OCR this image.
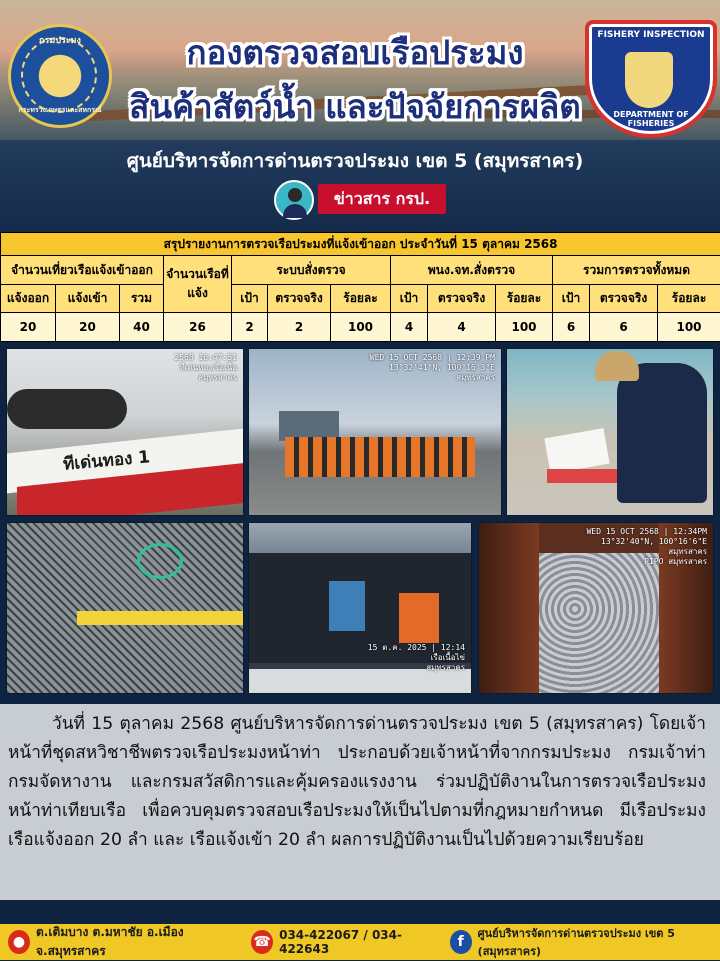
กรมประมง
กระทรวงเกษตรและสหกรณ์
กองตรวจสอบเรือประมง
สินค้าสัตว์น้ำ และปัจจัยการผลิต
FISHERY INSPECTION
DEPARTMENT OF FISHERIES
ศูนย์บริหารจัดการด่านตรวจประมง เขต 5 (สมุทรสาคร)
ข่าวสาร กรป.
สรุปรายงานการตรวจเรือประมงที่แจ้งเข้าออก ประจำวันที่ 15 ตุลาคม 2568												
จำนวนเที่ยวเรือแจ้งเข้าออก			จำนวนเรือที่แจ้ง	ระบบสั่งตรวจ			พนง.จท.สั่งตรวจ			รวมการตรวจทั้งหมด		
แจ้งออก	แจ้งเข้า	รวม		เป้า	ตรวจจริง	ร้อยละ	เป้า	ตรวจจริง	ร้อยละ	เป้า	ตรวจจริง	ร้อยละ
20	20	40	26	2	2	100	4	4	100	6	6	100
ทีเด่นทอง 1
2568 16:47:51
ทีเด่นทองเรือเนื้อ
สมุทรสาคร
WED 15 OCT 2568 | 12:39 PM
13°32'41"N, 100°16'3"E
สมุทรสาคร
15 ต.ค. 2025 | 12:14
เรือเนื้อไข่
สมุทรสาคร
WED 15 OCT 2568 | 12:34PM
13°32'40"N, 100°16'6"E
สมุทรสาคร
PIPO สมุทรสาคร

วันที่ 15 ตุลาคม 2568 ศูนย์บริหารจัดการด่านตรวจประมง เขต 5 (สมุทรสาคร) โดยเจ้าหน้าที่ชุดสหวิชาชีพตรวจเรือประมงหน้าท่า ประกอบด้วยเจ้าหน้าที่จากกรมประมง กรมเจ้าท่า กรมจัดหางาน และกรมสวัสดิการและคุ้มครองแรงงาน ร่วมปฏิบัติงานในการตรวจเรือประมงหน้าท่าเทียบเรือ เพื่อควบคุมตรวจสอบเรือประมงให้เป็นไปตามที่กฎหมายกำหนด มีเรือประมง เรือแจ้งออก 20 ลำ และ เรือแจ้งเข้า 20 ลำ ผลการปฏิบัติงานเป็นไปด้วยความเรียบร้อย

●
ต.เติมบาง ต.มหาชัย อ.เมือง จ.สมุทรสาคร
☎ 034-422067 / 034-422643	f
ศูนย์บริหารจัดการด่านตรวจประมง เขต 5 (สมุทรสาคร)
